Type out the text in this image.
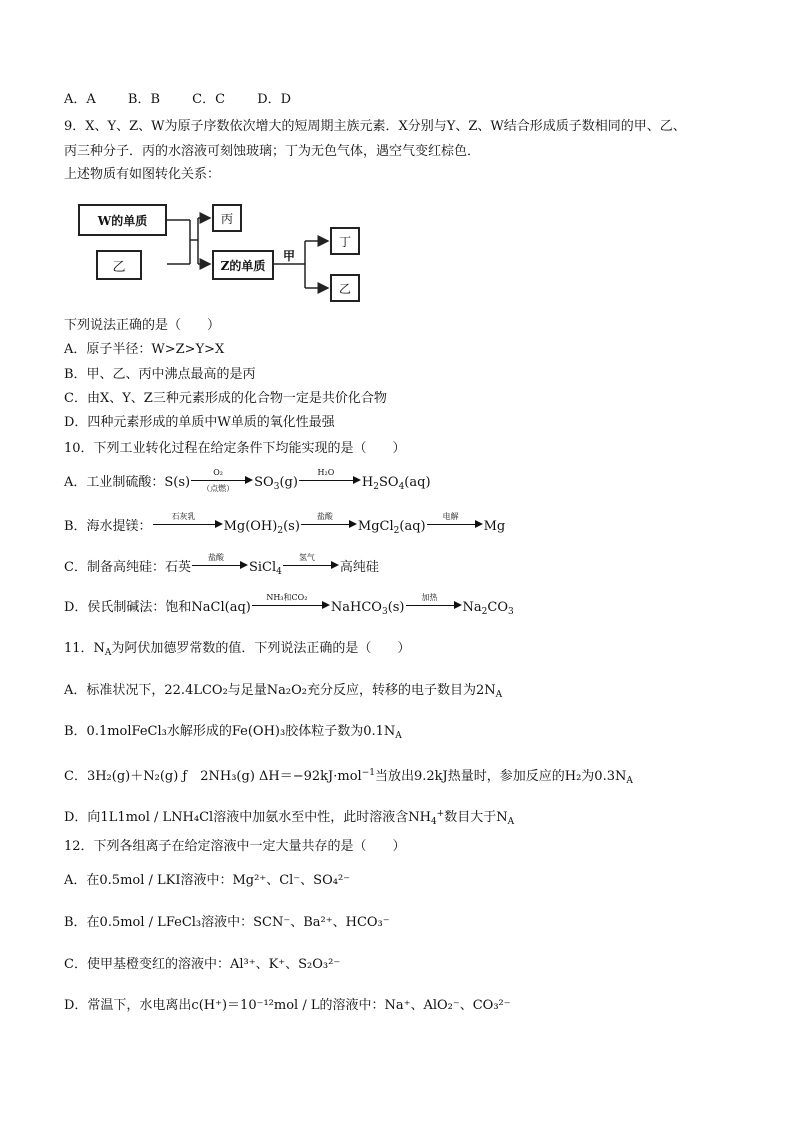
A．A B．B C．C D．D
9．X、Y、Z、W为原子序数依次增大的短周期主族元素．X分别与Y、Z、W结合形成质子数相同的甲、乙、
丙三种分子．丙的水溶液可刻蚀玻璃；丁为无色气体，遇空气变红棕色．
上述物质有如图转化关系：
W的单质
乙
丙
Z的单质
甲
丁
乙
下列说法正确的是（　　）
A．原子半径：W>Z>Y>X
B．甲、乙、丙中沸点最高的是丙
C．由X、Y、Z三种元素形成的化合物一定是共价化合物
D．四种元素形成的单质中W单质的氧化性最强
10．下列工业转化过程在给定条件下均能实现的是（　　）
A．工业制硫酸：S(s)
O₂
（点燃）	$SO_3(g)$
H₂O
$H_2SO_4(aq)$
B．海水提镁：
石灰乳
$Mg(OH)_2(s)$
盐酸
MgCl$_2$(aq)
电解
Mg
C．制备高纯硅：石英
盐酸
SiCl$_4$
氢气
高纯硅
D．侯氏制碱法：饱和NaCl(aq)
NH₃和CO₂
NaHCO$_3$(s)
加热
$Na_2CO_3$
11．$N_A$为阿伏加德罗常数的值．下列说法正确的是（　　）
A．标准状况下，22.4LCO₂与足量Na₂O₂充分反应，转移的电子数目为$2N_A$
B．0.1molFeCl₃水解形成的Fe(OH)₃胶体粒子数为$0.1N_A$
C．3H₂(g)＋N₂(g) ƒ　2NH₃(g) ΔH＝−92kJ·mol$^{-1}$当放出9.2kJ热量时，参加反应的H₂为$0.3N_A$
D．向1L1mol / LNH₄Cl溶液中加氨水至中性，此时溶液含$NH_4^+$数目大于$N_A$
12．下列各组离子在给定溶液中一定大量共存的是（　　）
A．在0.5mol / LKI溶液中：Mg²⁺、Cl⁻、SO₄²⁻
B．在0.5mol / LFeCl₃溶液中：SCN⁻、Ba²⁺、HCO₃⁻
C．使甲基橙变红的溶液中：Al³⁺、K⁺、S₂O₃²⁻
D．常温下，水电离出c(H⁺)＝10⁻¹²mol / L的溶液中：Na⁺、AlO₂⁻、CO₃²⁻
